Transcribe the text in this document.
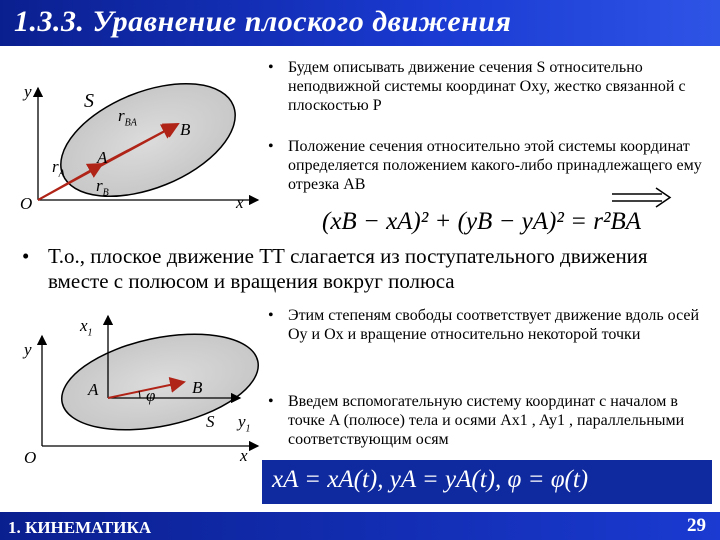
1.3.3. Уравнение плоского движения
y	S
$r_{BA}$	B
A
$r_A$
$r_B$
O	x
• Будем описывать движение сечения S относительно неподвижной системы координат Oxy, жестко связанной с плоскостью P
• Положение сечения относительно этой системы координат определяется положением какого-либо принадлежащего ему отрезка AB
(xB − xA)² + (yB − yA)² = r²BA
• Т.о., плоское движение ТТ слагается из поступательного движения вместе с полюсом и вращения вокруг полюса
$x_1$
y
A	φ B
S $y_1$
O	x
• Этим степеням свободы соответствует движение вдоль осей Oy и Ox и вращение относительно некоторой точки
• Введем вспомогательную систему координат с началом в точке A (полюсе) тела и осями Ax1 , Ay1 , параллельными соответствующим осям
xA = xA(t), yA = yA(t), φ = φ(t)
1. КИНЕМАТИКА	29
